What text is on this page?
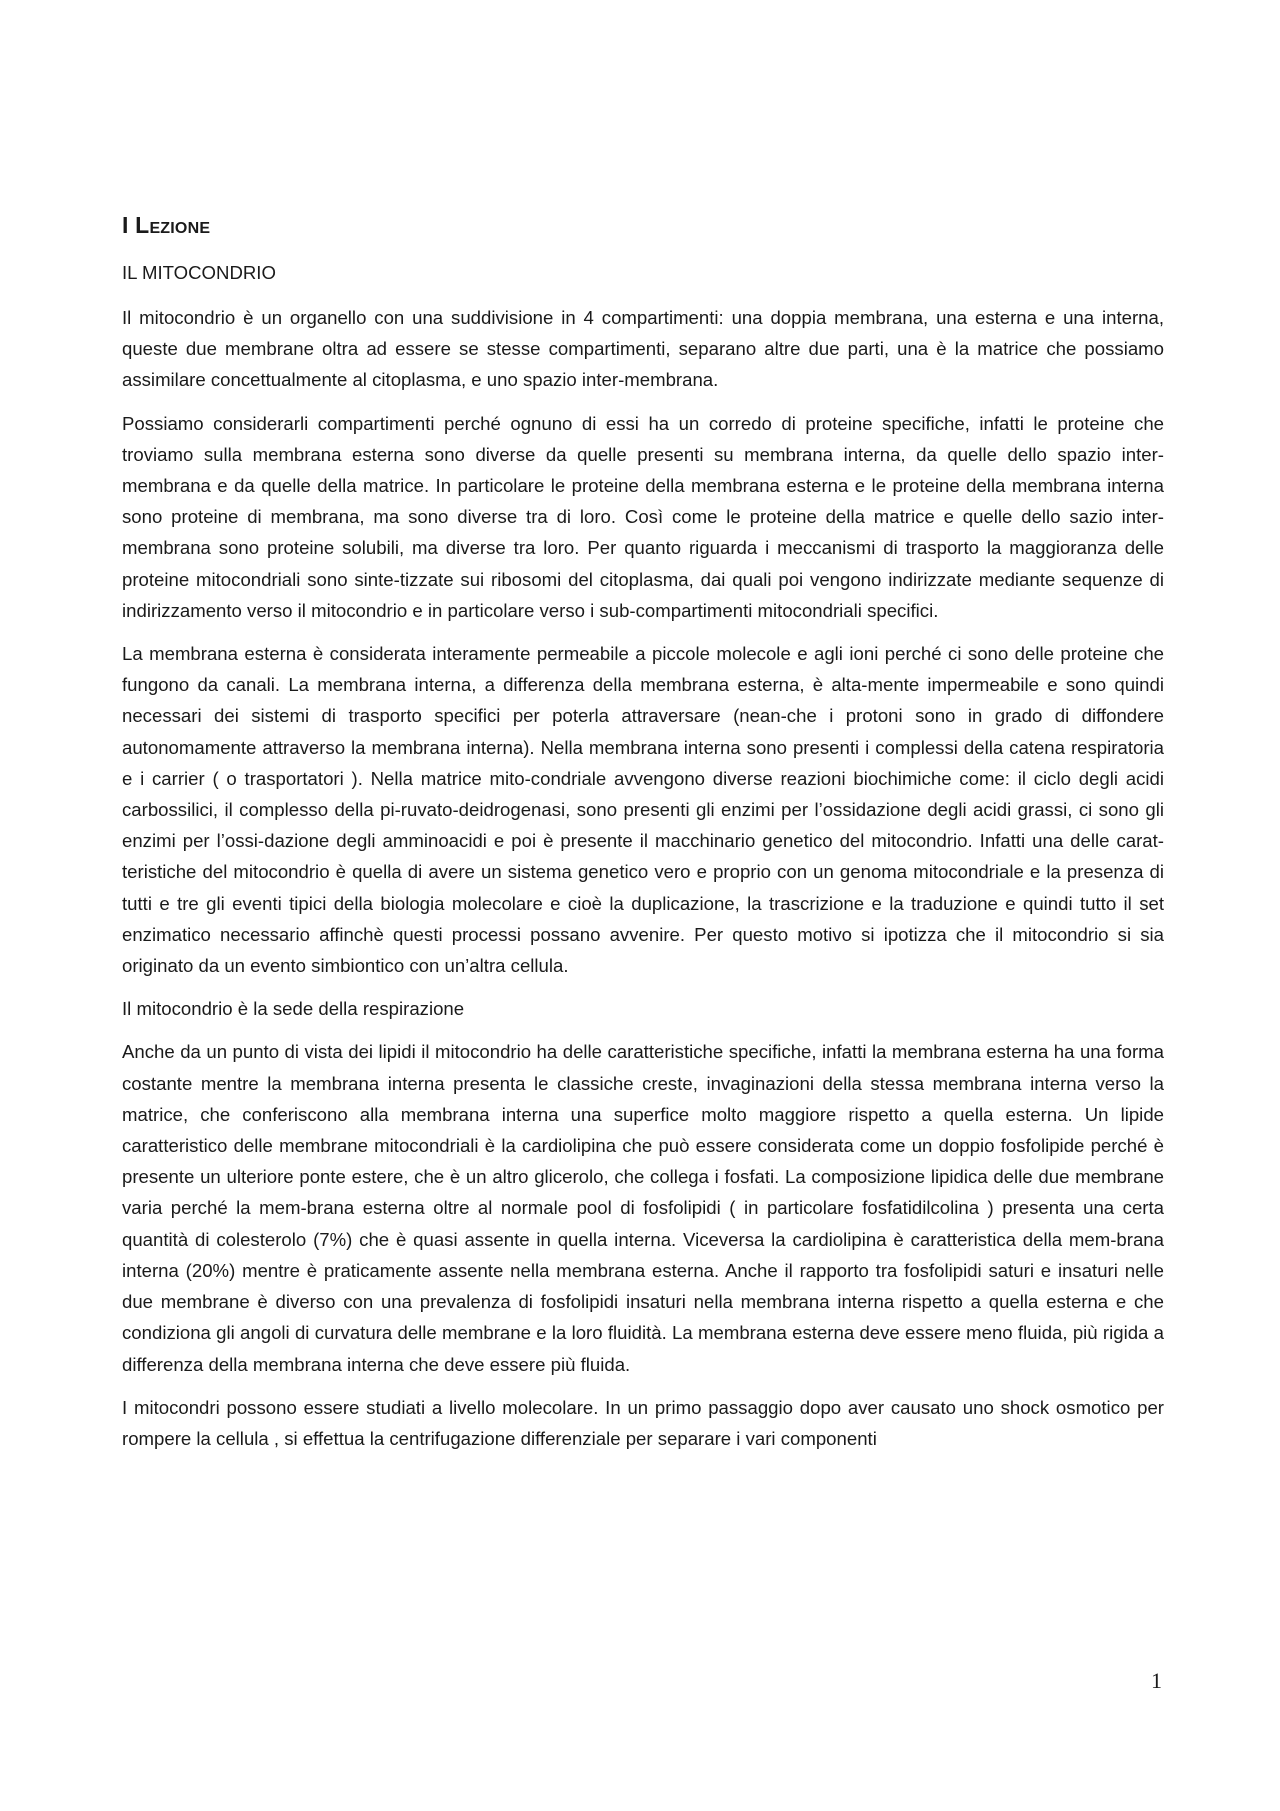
I Lezione
IL MITOCONDRIO

Il mitocondrio è un organello con una suddivisione in 4 compartimenti: una doppia membrana, una esterna e una interna, queste due membrane oltra ad essere se stesse compartimenti, separano altre due parti, una è la matrice che possiamo assimilare concettualmente al citoplasma, e uno spazio inter-membrana.

Possiamo considerarli compartimenti perché ognuno di essi ha un corredo di proteine specifiche, infatti le proteine che troviamo sulla membrana esterna sono diverse da quelle presenti su membrana interna, da quelle dello spazio inter-membrana e da quelle della matrice. In particolare le proteine della membrana esterna e le proteine della membrana interna sono proteine di membrana, ma sono diverse tra di loro. Così come le proteine della matrice e quelle dello sazio inter-membrana sono proteine solubili, ma diverse tra loro. Per quanto riguarda i meccanismi di trasporto la maggioranza delle proteine mitocondriali sono sinte-tizzate sui ribosomi del citoplasma, dai quali poi vengono indirizzate mediante sequenze di indirizzamento verso il mitocondrio e in particolare verso i sub-compartimenti mitocondriali specifici.

La membrana esterna è considerata interamente permeabile a piccole molecole e agli ioni perché ci sono delle proteine che fungono da canali. La membrana interna, a differenza della membrana esterna, è alta-mente impermeabile e sono quindi necessari dei sistemi di trasporto specifici per poterla attraversare (nean-che i protoni sono in grado di diffondere autonomamente attraverso la membrana interna). Nella membrana interna sono presenti i complessi della catena respiratoria e i carrier ( o trasportatori ). Nella matrice mito-condriale avvengono diverse reazioni biochimiche come: il ciclo degli acidi carbossilici, il complesso della pi-ruvato-deidrogenasi, sono presenti gli enzimi per l’ossidazione degli acidi grassi, ci sono gli enzimi per l’ossi-dazione degli amminoacidi e poi è presente il macchinario genetico del mitocondrio. Infatti una delle carat-teristiche del mitocondrio è quella di avere un sistema genetico vero e proprio con un genoma mitocondriale e la presenza di tutti e tre gli eventi tipici della biologia molecolare e cioè la duplicazione, la trascrizione e la traduzione e quindi tutto il set enzimatico necessario affinchè questi processi possano avvenire. Per questo motivo si ipotizza che il mitocondrio si sia originato da un evento simbiontico con un’altra cellula.

Il mitocondrio è la sede della respirazione

Anche da un punto di vista dei lipidi il mitocondrio ha delle caratteristiche specifiche, infatti la membrana esterna ha una forma costante mentre la membrana interna presenta le classiche creste, invaginazioni della stessa membrana interna verso la matrice, che conferiscono alla membrana interna una superfice molto maggiore rispetto a quella esterna. Un lipide caratteristico delle membrane mitocondriali è la cardiolipina che può essere considerata come un doppio fosfolipide perché è presente un ulteriore ponte estere, che è un altro glicerolo, che collega i fosfati. La composizione lipidica delle due membrane varia perché la mem-brana esterna oltre al normale pool di fosfolipidi ( in particolare fosfatidilcolina ) presenta una certa quantità di colesterolo (7%) che è quasi assente in quella interna. Viceversa la cardiolipina è caratteristica della mem-brana interna (20%) mentre è praticamente assente nella membrana esterna. Anche il rapporto tra fosfolipidi saturi e insaturi nelle due membrane è diverso con una prevalenza di fosfolipidi insaturi nella membrana interna rispetto a quella esterna e che condiziona gli angoli di curvatura delle membrane e la loro fluidità. La membrana esterna deve essere meno fluida, più rigida a differenza della membrana interna che deve essere più fluida.

I mitocondri possono essere studiati a livello molecolare. In un primo passaggio dopo aver causato uno shock osmotico per rompere la cellula , si effettua la centrifugazione differenziale per separare i vari componenti

1
